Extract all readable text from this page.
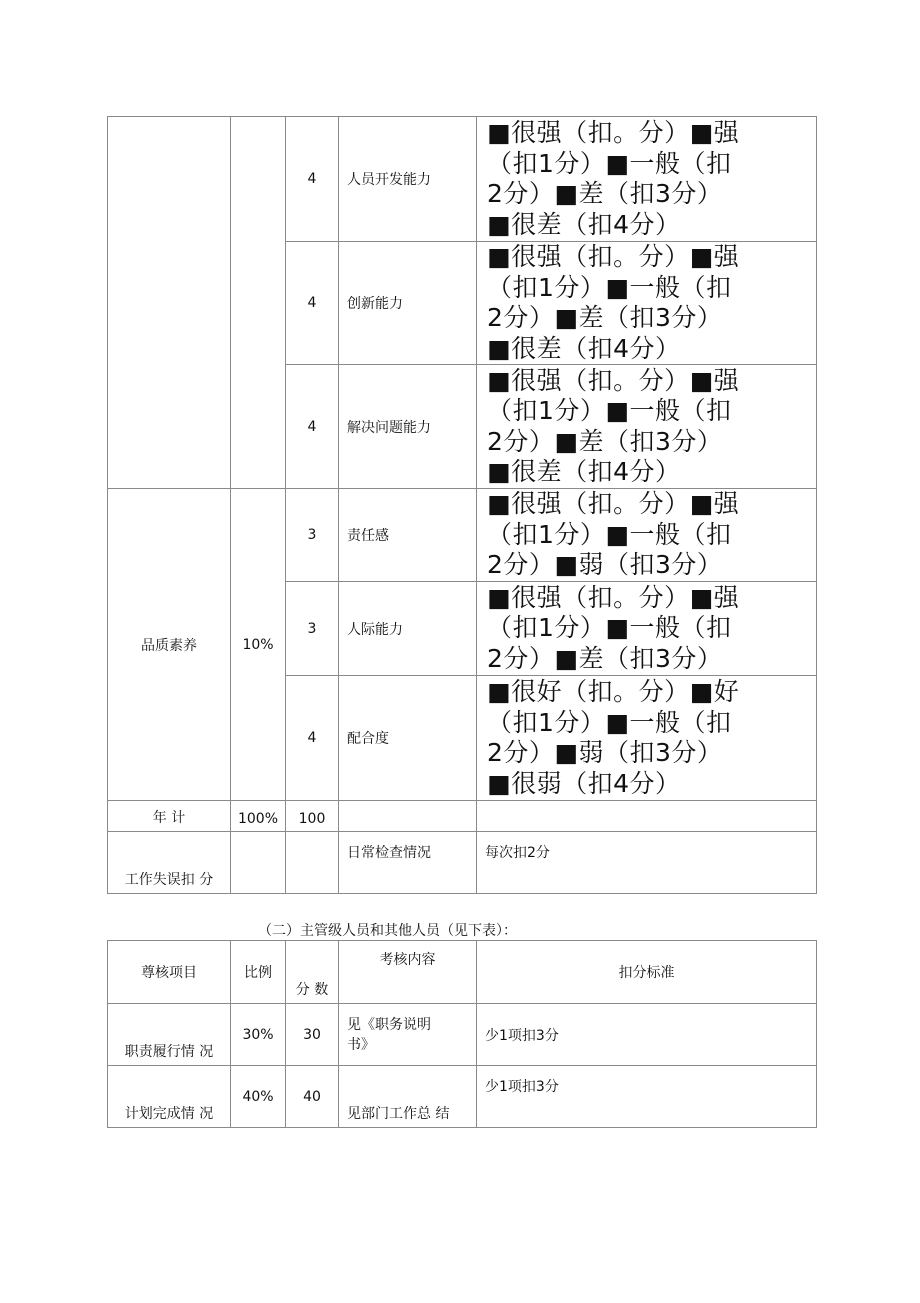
		4	人员开发能力	■很强（扣。分）■强
（扣1分）■一般（扣
2分）■差（扣3分）
■很差（扣4分）

		4	创新能力	■很强（扣。分）■强
（扣1分）■一般（扣
2分）■差（扣3分）
■很差（扣4分）

		4	解决问题能力	■很强（扣。分）■强
（扣1分）■一般（扣
2分）■差（扣3分）
■很差（扣4分）

品质素养	10%	3	责任感	■很强（扣。分）■强
（扣1分）■一般（扣
2分）■弱（扣3分）

		3	人际能力	■很强（扣。分）■强
（扣1分）■一般（扣
2分）■差（扣3分）

		4	配合度	■很好（扣。分）■好
（扣1分）■一般（扣
2分）■弱（扣3分）
■很弱（扣4分）

年 计	100%	100		
工作失误扣 分			日常检查情况	每次扣2分
（二）主管级人员和其他人员（见下表）：
尊核项目	比例	分 数	考核内容	扣分标准
职责履行情 况	30%	30	见《职务说明书》	少1项扣3分
计划完成情 况	40%	40	见部门工作总 结	少1项扣3分
